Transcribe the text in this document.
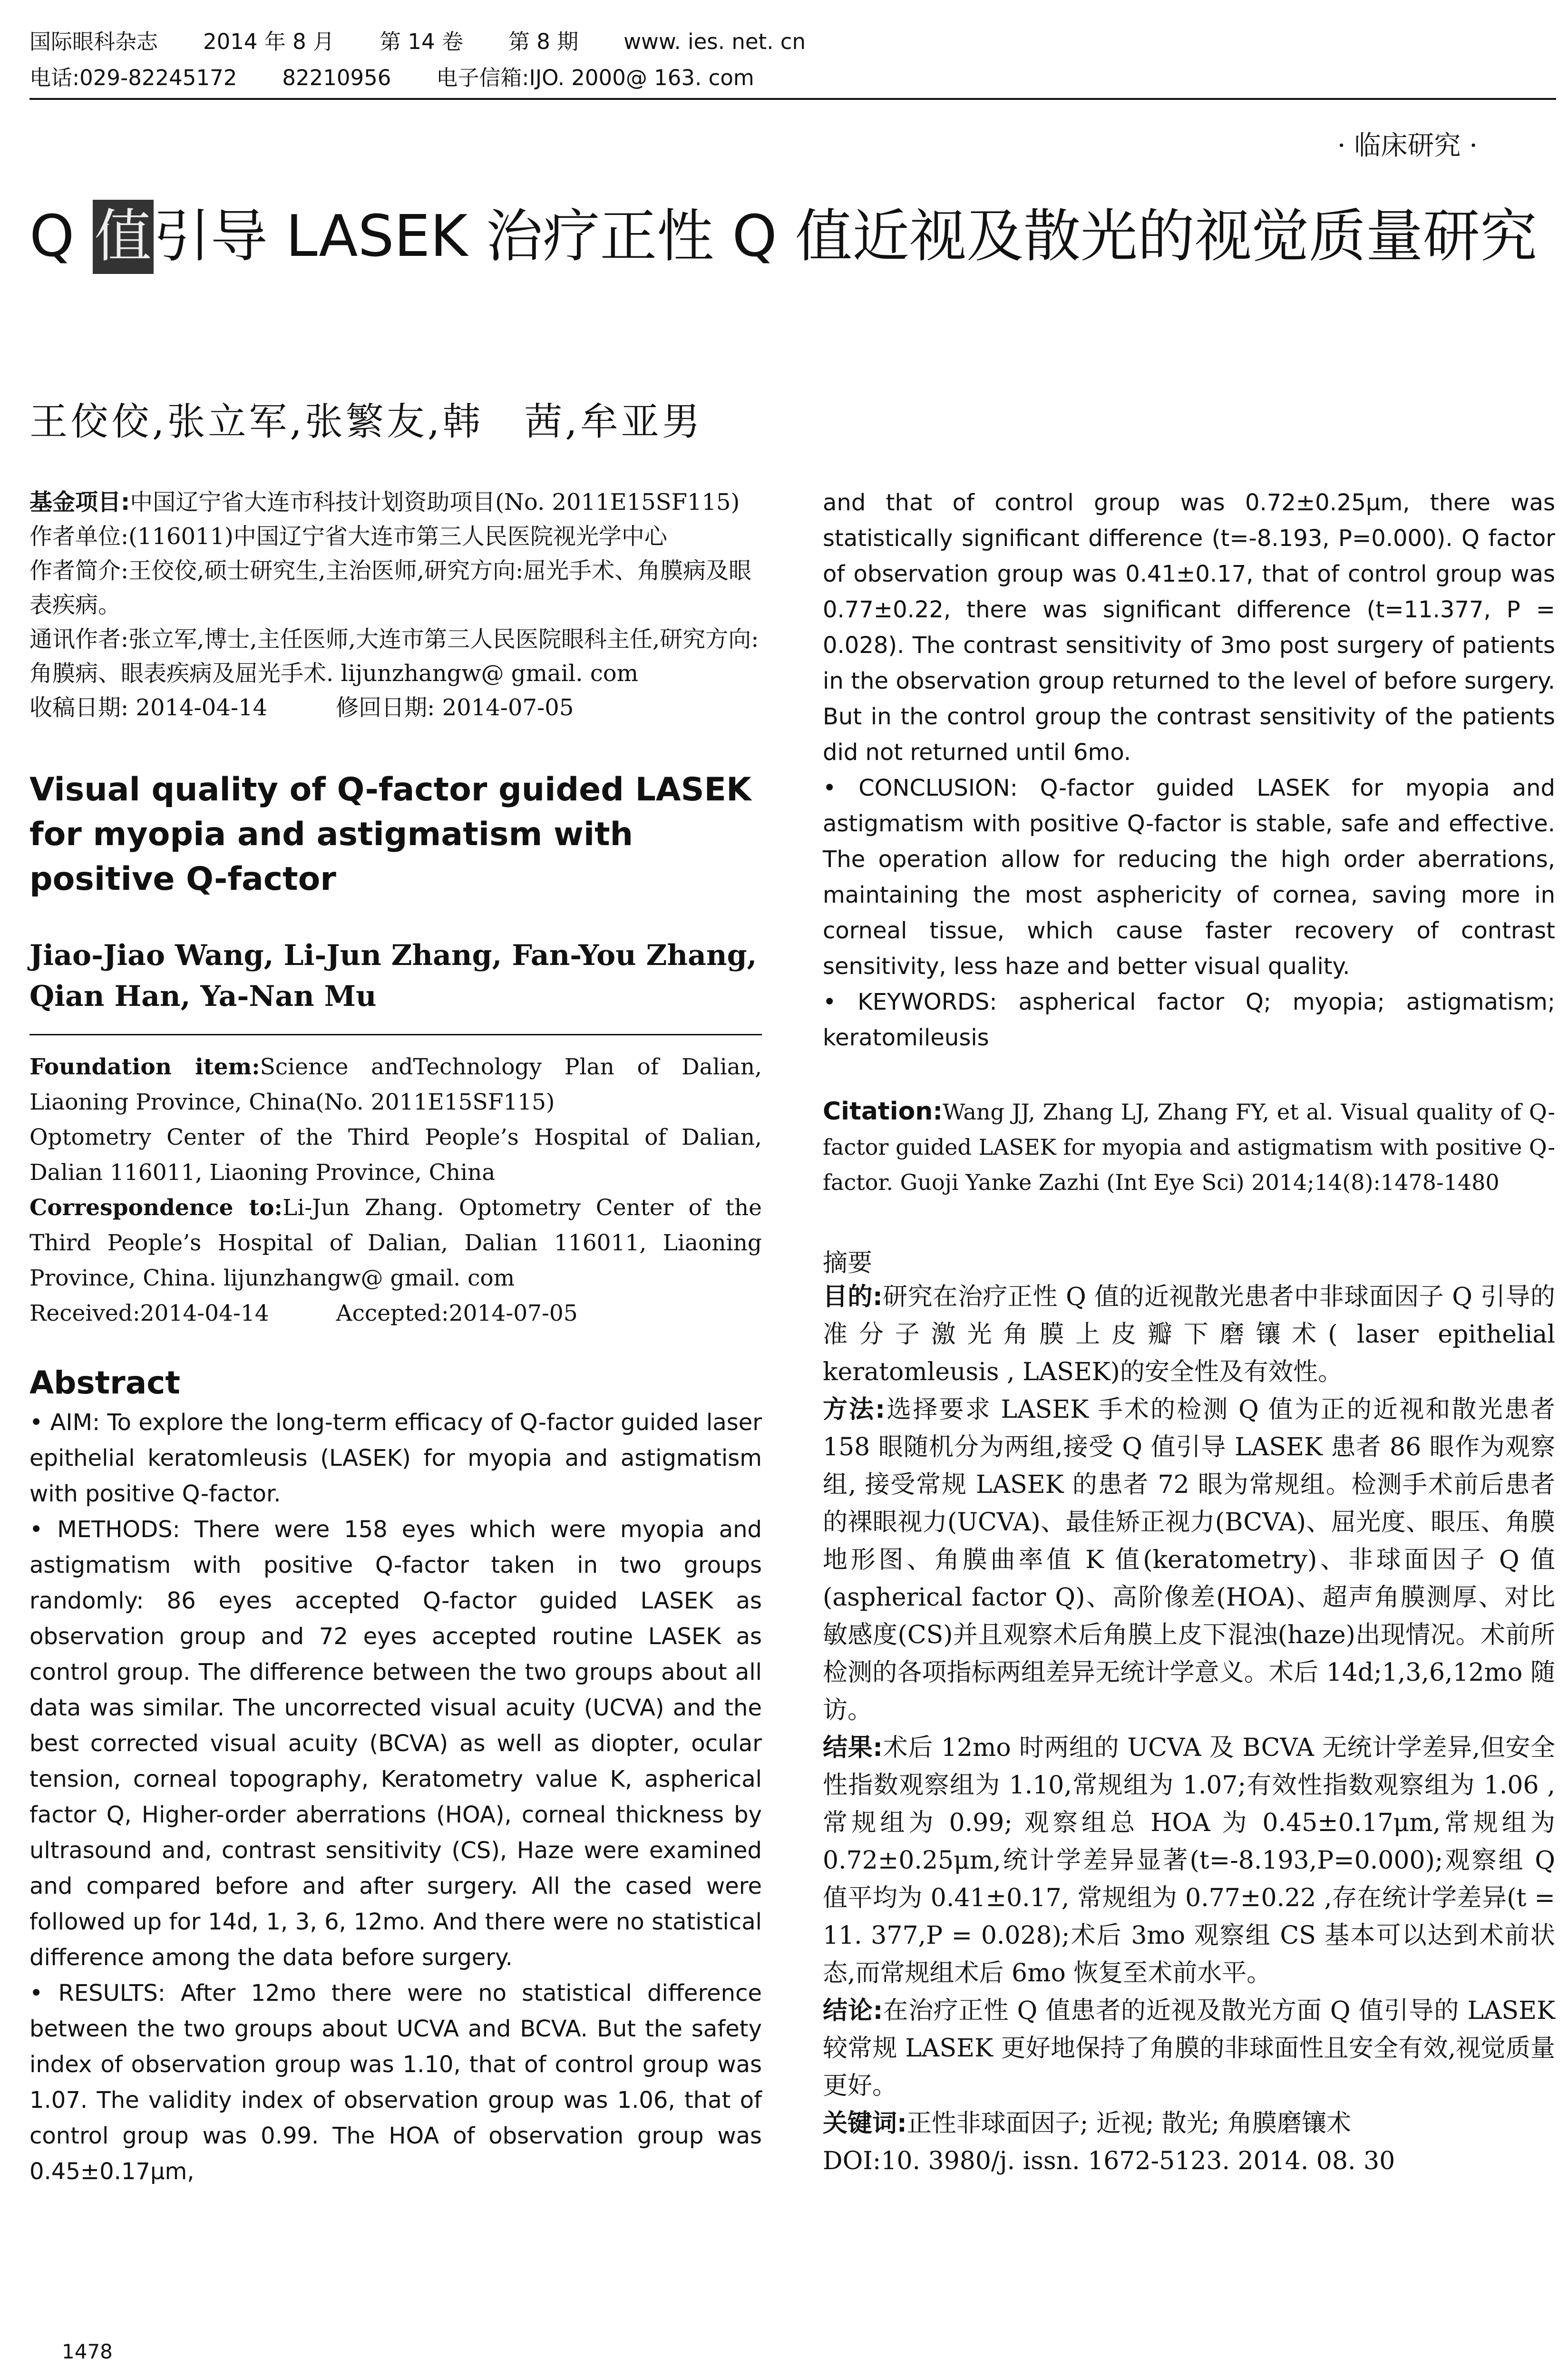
国际眼科杂志 2014 年 8 月 第 14 卷 第 8 期 www. ies. net. cn
电话:029-82245172 82210956 电子信箱:IJO. 2000@ 163. com
· 临床研究 ·
Q 值引导 LASEK 治疗正性 Q 值近视及散光的视觉质量研究
王佼佼,张立军,张繁友,韩　茜,牟亚男

基金项目:中国辽宁省大连市科技计划资助项目(No. 2011E15SF115)

作者单位:(116011)中国辽宁省大连市第三人民医院视光学中心

作者简介:王佼佼,硕士研究生,主治医师,研究方向:屈光手术、角膜病及眼表疾病。

通讯作者:张立军,博士,主任医师,大连市第三人民医院眼科主任,研究方向:角膜病、眼表疾病及屈光手术. lijunzhangw@ gmail. com

收稿日期: 2014-04-14　　　修回日期: 2014-07-05

Visual quality of Q-factor guided LASEK for myopia and astigmatism with positive Q-factor
Jiao-Jiao Wang, Li-Jun Zhang, Fan-You Zhang, Qian Han, Ya-Nan Mu

Foundation item:Science andTechnology Plan of Dalian, Liaoning Province, China(No. 2011E15SF115)

Optometry Center of the Third People’s Hospital of Dalian, Dalian 116011, Liaoning Province, China

Correspondence to:Li-Jun Zhang. Optometry Center of the Third People’s Hospital of Dalian, Dalian 116011, Liaoning Province, China. lijunzhangw@ gmail. com

Received:2014-04-14　　　Accepted:2014-07-05

Abstract

• AIM: To explore the long-term efficacy of Q-factor guided laser epithelial keratomleusis (LASEK) for myopia and astigmatism with positive Q-factor.

• METHODS: There were 158 eyes which were myopia and astigmatism with positive Q-factor taken in two groups randomly: 86 eyes accepted Q-factor guided LASEK as observation group and 72 eyes accepted routine LASEK as control group. The difference between the two groups about all data was similar. The uncorrected visual acuity (UCVA) and the best corrected visual acuity (BCVA) as well as diopter, ocular tension, corneal topography, Keratometry value K, aspherical factor Q, Higher-order aberrations (HOA), corneal thickness by ultrasound and, contrast sensitivity (CS), Haze were examined and compared before and after surgery. All the cased were followed up for 14d, 1, 3, 6, 12mo. And there were no statistical difference among the data before surgery.

• RESULTS: After 12mo there were no statistical difference between the two groups about UCVA and BCVA. But the safety index of observation group was 1.10, that of control group was 1.07. The validity index of observation group was 1.06, that of control group was 0.99. The HOA of observation group was 0.45±0.17μm,

and that of control group was 0.72±0.25μm, there was statistically significant difference (t=-8.193, P=0.000). Q factor of observation group was 0.41±0.17, that of control group was 0.77±0.22, there was significant difference (t=11.377, P = 0.028). The contrast sensitivity of 3mo post surgery of patients in the observation group returned to the level of before surgery. But in the control group the contrast sensitivity of the patients did not returned until 6mo.

• CONCLUSION: Q-factor guided LASEK for myopia and astigmatism with positive Q-factor is stable, safe and effective. The operation allow for reducing the high order aberrations, maintaining the most asphericity of cornea, saving more in corneal tissue, which cause faster recovery of contrast sensitivity, less haze and better visual quality.

• KEYWORDS: aspherical factor Q; myopia; astigmatism; keratomileusis

Citation:Wang JJ, Zhang LJ, Zhang FY, et al. Visual quality of Q-factor guided LASEK for myopia and astigmatism with positive Q-factor. Guoji Yanke Zazhi (Int Eye Sci) 2014;14(8):1478-1480

摘要

目的:研究在治疗正性 Q 值的近视散光患者中非球面因子 Q 引导的准分子激光角膜上皮瓣下磨镶术( laser epithelial keratomleusis , LASEK)的安全性及有效性。

方法:选择要求 LASEK 手术的检测 Q 值为正的近视和散光患者 158 眼随机分为两组,接受 Q 值引导 LASEK 患者 86 眼作为观察组, 接受常规 LASEK 的患者 72 眼为常规组。检测手术前后患者的裸眼视力(UCVA)、最佳矫正视力(BCVA)、屈光度、眼压、角膜地形图、角膜曲率值 K 值(keratometry)、非球面因子 Q 值(aspherical factor Q)、高阶像差(HOA)、超声角膜测厚、对比敏感度(CS)并且观察术后角膜上皮下混浊(haze)出现情况。术前所检测的各项指标两组差异无统计学意义。术后 14d;1,3,6,12mo 随访。

结果:术后 12mo 时两组的 UCVA 及 BCVA 无统计学差异,但安全性指数观察组为 1.10,常规组为 1.07;有效性指数观察组为 1.06 ,常规组为 0.99; 观察组总 HOA 为 0.45±0.17μm,常规组为 0.72±0.25μm,统计学差异显著(t=-8.193,P=0.000);观察组 Q 值平均为 0.41±0.17, 常规组为 0.77±0.22 ,存在统计学差异(t = 11. 377,P = 0.028);术后 3mo 观察组 CS 基本可以达到术前状态,而常规组术后 6mo 恢复至术前水平。

结论:在治疗正性 Q 值患者的近视及散光方面 Q 值引导的 LASEK 较常规 LASEK 更好地保持了角膜的非球面性且安全有效,视觉质量更好。

关键词:正性非球面因子; 近视; 散光; 角膜磨镶术

DOI:10. 3980/j. issn. 1672-5123. 2014. 08. 30

1478
